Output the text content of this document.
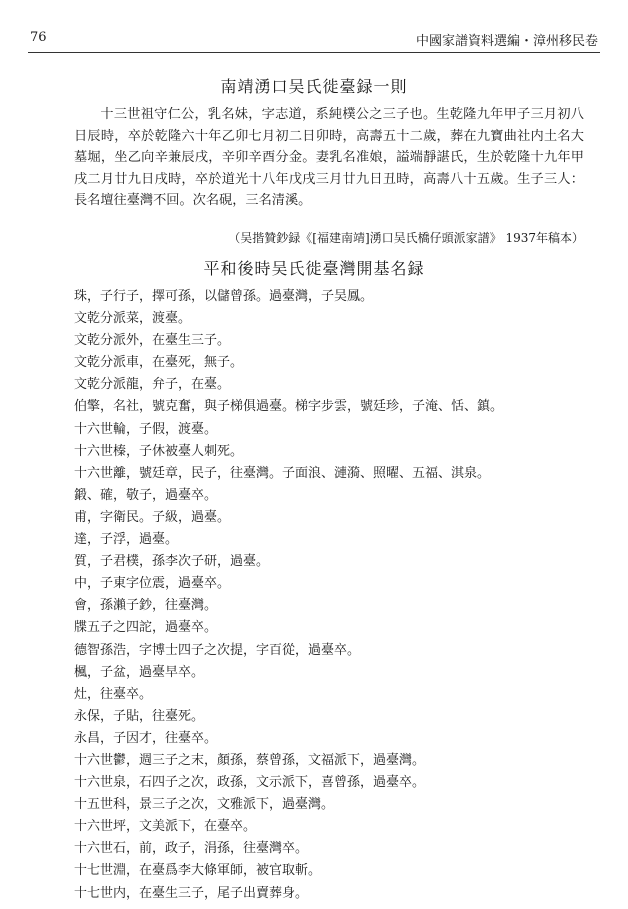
76	中國家譜資料選編・漳州移民卷
南靖湧口吴氏徙臺録一則

十三世祖守仁公，乳名妹，字志道，系純樸公之三子也。生乾隆九年甲子三月初八日辰時，卒於乾隆六十年乙卯七月初二日卯時，高壽五十二歲，葬在九寶曲社内土名大墓堀，坐乙向辛兼辰戌，辛卯辛酉分金。妻乳名准娘，謚端靜諶氏，生於乾隆十九年甲戌二月廿九日戌時，卒於道光十八年戊戌三月廿九日丑時，高壽八十五歲。生子三人：長名壇往臺灣不回。次名硯，三名清溪。

（吴揩贊鈔録《[福建南靖]湧口吴氏橋仔頭派家譜》 1937年稿本）
平和後時吴氏徙臺灣開基名録
珠，子行子，擇可孫，以儲曾孫。過臺灣，子吴鳳。
文乾分派菜，渡臺。
文乾分派外，在臺生三子。
文乾分派車，在臺死，無子。
文乾分派龍，弁子，在臺。
伯擎，名社，號克奮，與子梯俱過臺。梯字步雲，號廷珍，子淹、恬、鎮。
十六世輪，子假，渡臺。
十六世榛，子休被臺人刺死。
十六世離，號廷章，民子，往臺灣。子面浪、漣漪、照曜、五福、淇泉。
鍛、確，敬子，過臺卒。
甫，字衛民。子級，過臺。
達，子浮，過臺。
質，子君樸，孫李次子研，過臺。
中，子東字位震，過臺卒。
會，孫瀨子鈔，往臺灣。
牒五子之四詑，過臺卒。
德智孫浩，字博士四子之次提，字百從，過臺卒。
楓，子盆，過臺早卒。
灶，往臺卒。
永保，子貼，往臺死。
永昌，子因才，往臺卒。
十六世鬱，週三子之末，顏孫，蔡曾孫，文福派下，過臺灣。
十六世泉，石四子之次，政孫，文示派下，喜曾孫，過臺卒。
十五世科，景三子之次，文雅派下，過臺灣。
十六世坪，文美派下，在臺卒。
十六世石，前，政子，涓孫，往臺灣卒。
十七世淵，在臺爲李大條軍師，被官取斬。
十七世内，在臺生三子，尾子出賣葬身。
